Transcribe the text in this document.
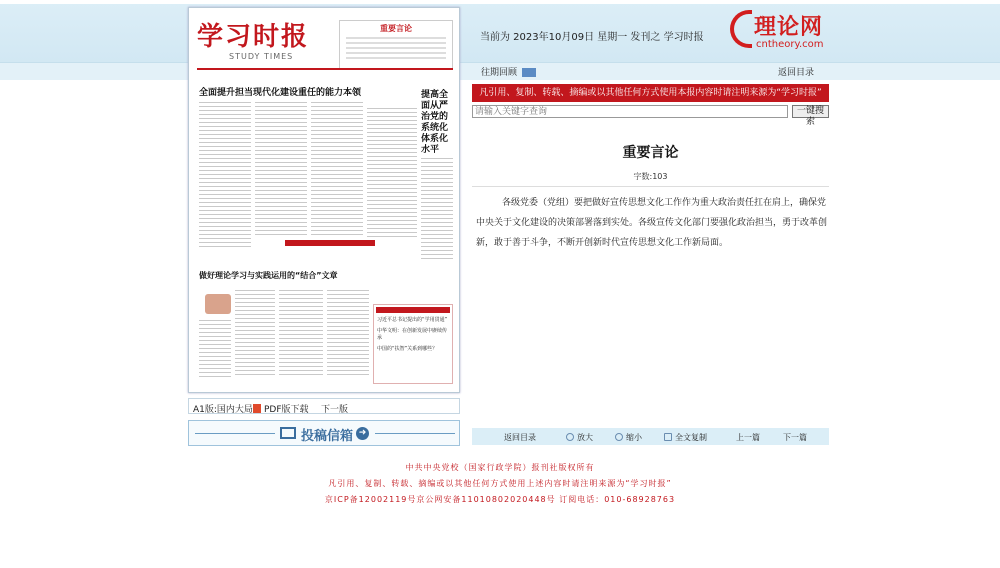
当前为 2023年10月09日 星期一 发刊之 学习时报 理论网
cntheory.com
往期回顾	返回目录
学习时报
STUDY TIMES
重要言论
全面提升担当现代化建设重任的能力本领	提高全面从严治党的系统化体系化水平
做好理论学习与实践运用的“结合”文章
习近平总书记提出的“学用贯通”
中华文明：在创新发展中赓续传承
中国的“扶智”关系到哪些？
A1版:国内大局	PDF版下载 下一版
投稿信箱 ➜
凡引用、复制、转载、摘编或以其他任何方式使用本报内容时请注明来源为“学习时报”
请输入关键字查询
一键搜索
重要言论
字数:103
各级党委（党组）要把做好宣传思想文化工作作为重大政治责任扛在肩上，确保党中央关于文化建设的决策部署落到实处。各级宣传文化部门要强化政治担当，勇于改革创新，敢于善于斗争，不断开创新时代宣传思想文化工作新局面。
返回目录	放大	缩小	全文复制	上一篇	下一篇
中共中央党校（国家行政学院）报刊社版权所有
凡引用、复制、转载、摘编或以其他任何方式使用上述内容时请注明来源为“学习时报”
京ICP备12002119号京公网安备11010802020448号 订阅电话：010-68928763
